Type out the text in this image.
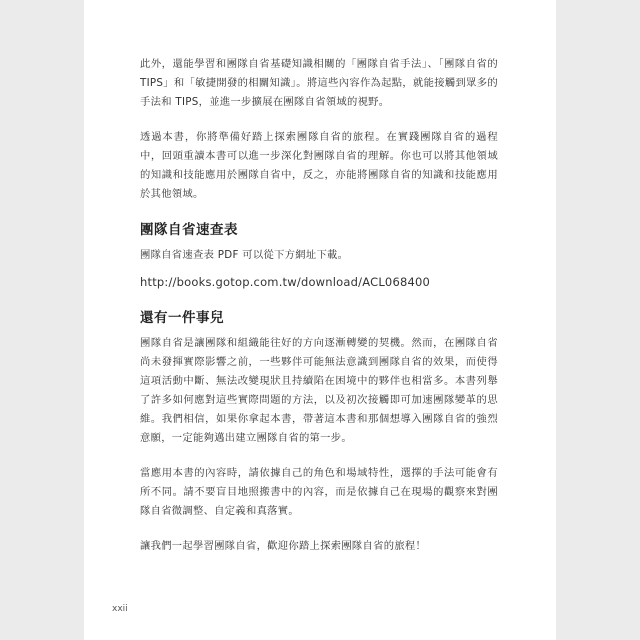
此外，還能學習和團隊自省基礎知識相關的「團隊自省手法」、「團隊自省的TIPS」和「敏捷開發的相關知識」。將這些內容作為起點，就能接觸到眾多的手法和 TIPS，並進一步擴展在團隊自省領域的視野。

透過本書，你將準備好踏上探索團隊自省的旅程。在實踐團隊自省的過程中，回頭重讀本書可以進一步深化對團隊自省的理解。你也可以將其他領域的知識和技能應用於團隊自省中，反之，亦能將團隊自省的知識和技能應用於其他領域。

團隊自省速查表

團隊自省速查表 PDF 可以從下方網址下載。

http://books.gotop.com.tw/download/ACL068400

還有一件事兒

團隊自省是讓團隊和組織能往好的方向逐漸轉變的契機。然而，在團隊自省尚未發揮實際影響之前，一些夥伴可能無法意識到團隊自省的效果，而使得這項活動中斷、無法改變現狀且持續陷在困境中的夥伴也相當多。本書列舉了許多如何應對這些實際問題的方法，以及初次接觸即可加速團隊變革的思維。我們相信，如果你拿起本書，帶著這本書和那個想導入團隊自省的強烈意願，一定能夠邁出建立團隊自省的第一步。

當應用本書的內容時，請依據自己的角色和場域特性，選擇的手法可能會有所不同。請不要盲目地照搬書中的內容，而是依據自己在現場的觀察來對團隊自省微調整、自定義和真落實。

讓我們一起學習團隊自省，歡迎你踏上探索團隊自省的旅程！

xxii
